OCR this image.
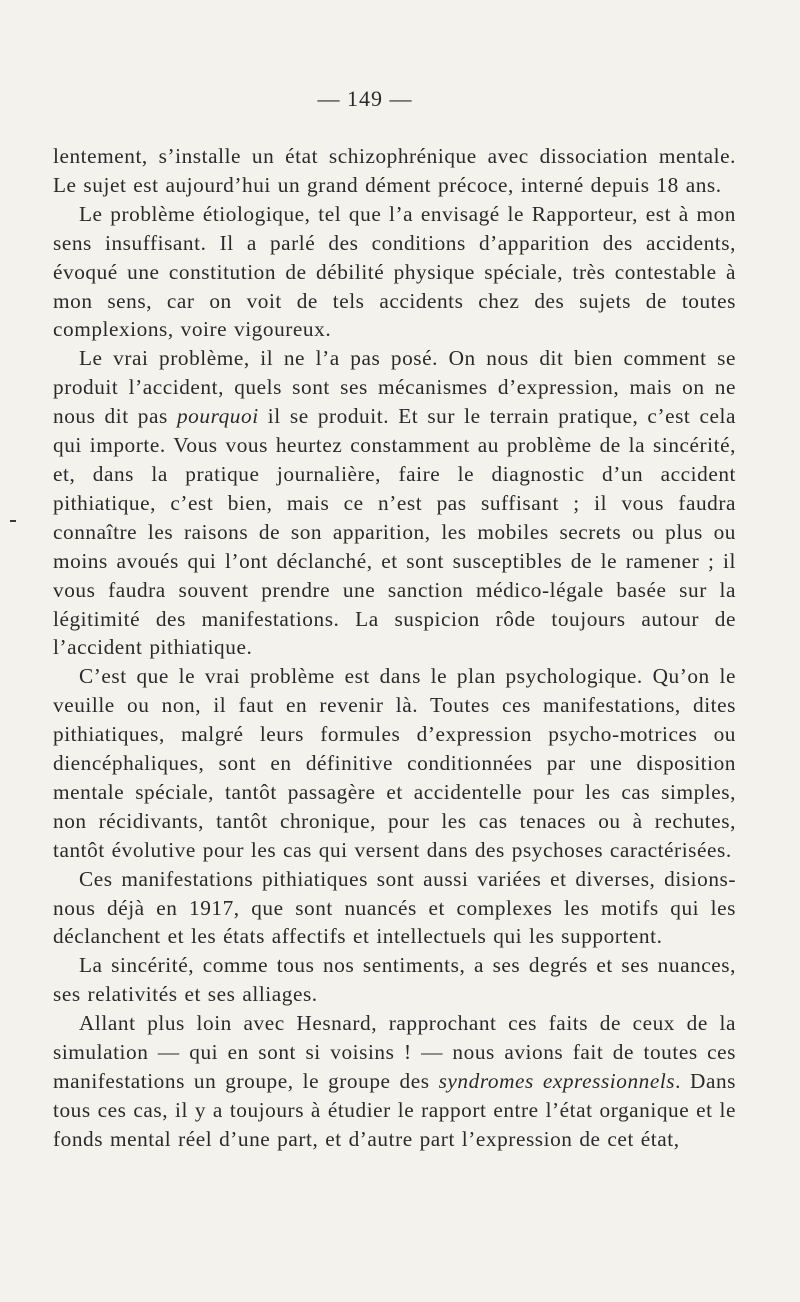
— 149 —

lentement, s’installe un état schizophrénique avec dissociation mentale. Le sujet est aujourd’hui un grand dément précoce, interné depuis 18 ans.

Le problème étiologique, tel que l’a envisagé le Rapporteur, est à mon sens insuffisant. Il a parlé des conditions d’apparition des accidents, évoqué une constitution de débilité physique spéciale, très contestable à mon sens, car on voit de tels accidents chez des sujets de toutes complexions, voire vigoureux.

Le vrai problème, il ne l’a pas posé. On nous dit bien comment se produit l’accident, quels sont ses mécanismes d’expression, mais on ne nous dit pas pourquoi il se produit. Et sur le terrain pratique, c’est cela qui importe. Vous vous heurtez constamment au problème de la sincérité, et, dans la pratique journalière, faire le diagnostic d’un accident pithiatique, c’est bien, mais ce n’est pas suffisant ; il vous faudra connaître les raisons de son apparition, les mobiles secrets ou plus ou moins avoués qui l’ont déclanché, et sont susceptibles de le ramener ; il vous faudra souvent prendre une sanction médico-légale basée sur la légitimité des manifestations. La suspicion rôde toujours autour de l’accident pithiatique.

C’est que le vrai problème est dans le plan psychologique. Qu’on le veuille ou non, il faut en revenir là. Toutes ces manifestations, dites pithiatiques, malgré leurs formules d’expression psycho-motrices ou diencéphaliques, sont en définitive conditionnées par une disposition mentale spéciale, tantôt passagère et accidentelle pour les cas simples, non récidivants, tantôt chronique, pour les cas tenaces ou à rechutes, tantôt évolutive pour les cas qui versent dans des psychoses caractérisées.

Ces manifestations pithiatiques sont aussi variées et diverses, disions-nous déjà en 1917, que sont nuancés et complexes les motifs qui les déclanchent et les états affectifs et intellectuels qui les supportent.

La sincérité, comme tous nos sentiments, a ses degrés et ses nuances, ses relativités et ses alliages.

Allant plus loin avec Hesnard, rapprochant ces faits de ceux de la simulation — qui en sont si voisins ! — nous avions fait de toutes ces manifestations un groupe, le groupe des syndromes expressionnels. Dans tous ces cas, il y a toujours à étudier le rapport entre l’état organique et le fonds mental réel d’une part, et d’autre part l’expression de cet état,
